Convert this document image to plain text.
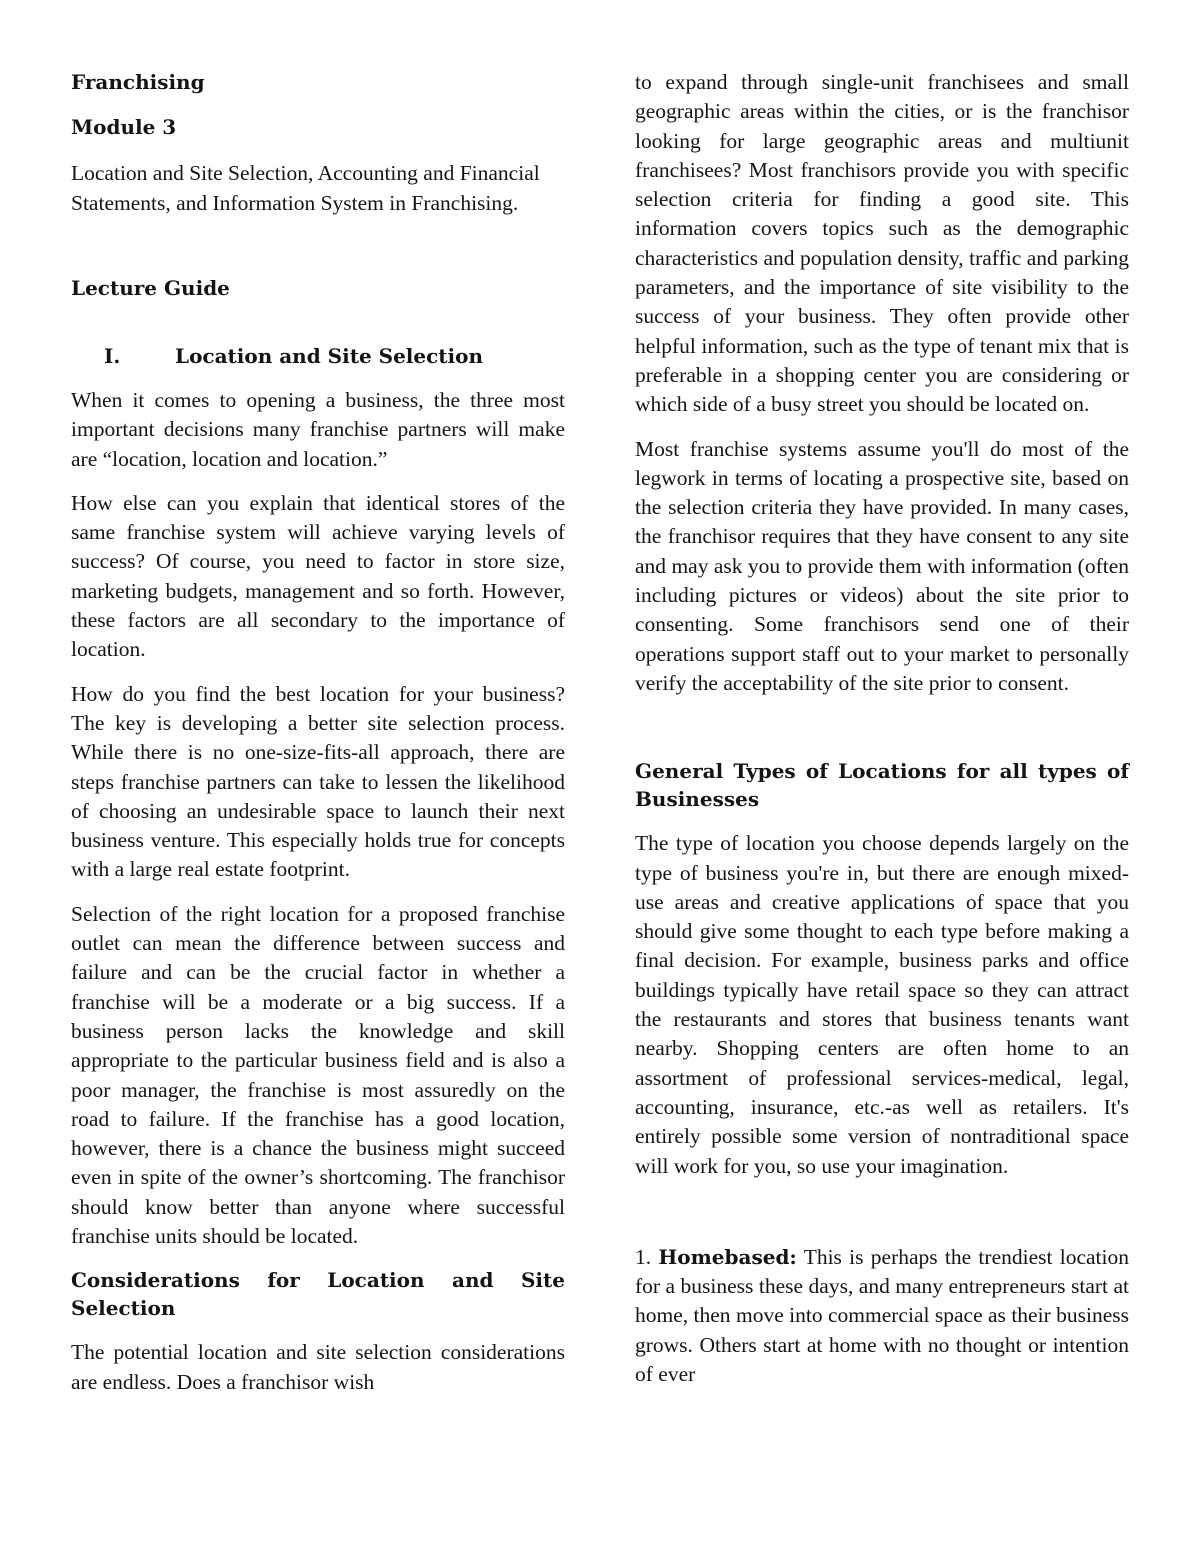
Franchising
Module 3
Location and Site Selection, Accounting and Financial Statements, and Information System in Franchising.
Lecture Guide
I.	Location and Site Selection

When it comes to opening a business, the three most important decisions many franchise partners will make are “location, location and location.”

How else can you explain that identical stores of the same franchise system will achieve varying levels of success? Of course, you need to factor in store size, marketing budgets, management and so forth. However, these factors are all secondary to the importance of location.

How do you find the best location for your business? The key is developing a better site selection process. While there is no one-size-fits-all approach, there are steps franchise partners can take to lessen the likelihood of choosing an undesirable space to launch their next business venture. This especially holds true for concepts with a large real estate footprint.

Selection of the right location for a proposed franchise outlet can mean the difference between success and failure and can be the crucial factor in whether a franchise will be a moderate or a big success. If a business person lacks the knowledge and skill appropriate to the particular business field and is also a poor manager, the franchise is most assuredly on the road to failure. If the franchise has a good location, however, there is a chance the business might succeed even in spite of the owner’s shortcoming. The franchisor should know better than anyone where successful franchise units should be located.

Considerations for Location and Site Selection

The potential location and site selection considerations are endless. Does a franchisor wish

to expand through single-unit franchisees and small geographic areas within the cities, or is the franchisor looking for large geographic areas and multiunit franchisees? Most franchisors provide you with specific selection criteria for finding a good site. This information covers topics such as the demographic characteristics and population density, traffic and parking parameters, and the importance of site visibility to the success of your business. They often provide other helpful information, such as the type of tenant mix that is preferable in a shopping center you are considering or which side of a busy street you should be located on.

Most franchise systems assume you'll do most of the legwork in terms of locating a prospective site, based on the selection criteria they have provided. In many cases, the franchisor requires that they have consent to any site and may ask you to provide them with information (often including pictures or videos) about the site prior to consenting. Some franchisors send one of their operations support staff out to your market to personally verify the acceptability of the site prior to consent.

General Types of Locations for all types of Businesses

The type of location you choose depends largely on the type of business you're in, but there are enough mixed-use areas and creative applications of space that you should give some thought to each type before making a final decision. For example, business parks and office buildings typically have retail space so they can attract the restaurants and stores that business tenants want nearby. Shopping centers are often home to an assortment of professional services-medical, legal, accounting, insurance, etc.-as well as retailers. It's entirely possible some version of nontraditional space will work for you, so use your imagination.

1. Homebased: This is perhaps the trendiest location for a business these days, and many entrepreneurs start at home, then move into commercial space as their business grows. Others start at home with no thought or intention of ever
